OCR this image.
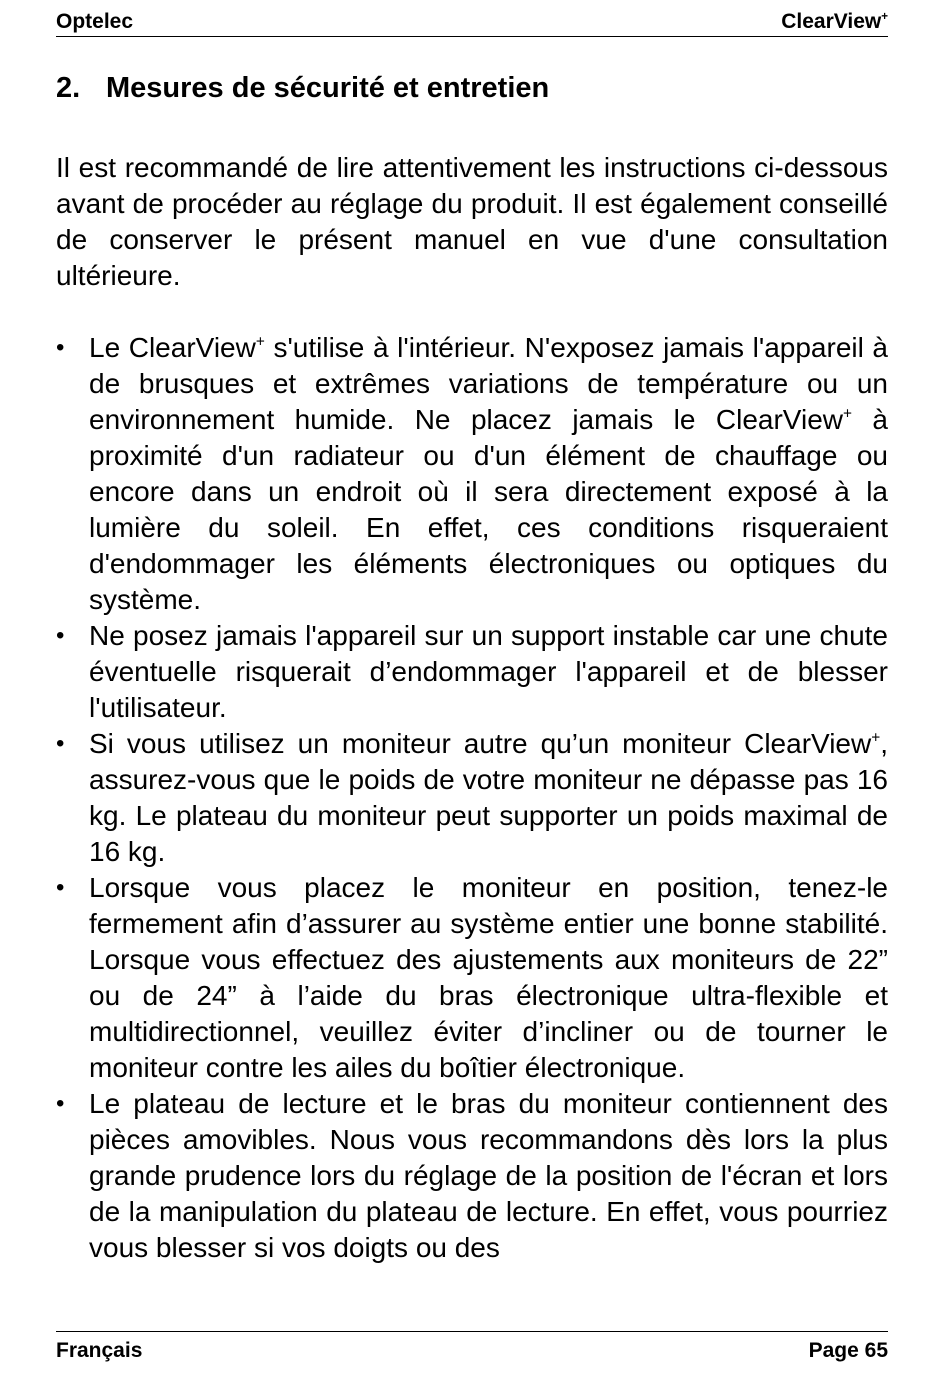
Optelec	ClearView+
2. Mesures de sécurité et entretien

Il est recommandé de lire attentivement les instructions ci-dessous avant de procéder au réglage du produit. Il est également conseillé de conserver le présent manuel en vue d'une consultation ultérieure.

• Le ClearView+ s'utilise à l'intérieur. N'exposez jamais l'appareil à de brusques et extrêmes variations de température ou un environnement humide. Ne placez jamais le ClearView+ à proximité d'un radiateur ou d'un élément de chauffage ou encore dans un endroit où il sera directement exposé à la lumière du soleil. En effet, ces conditions risqueraient d'endommager les éléments électroniques ou optiques du système.
• Ne posez jamais l'appareil sur un support instable car une chute éventuelle risquerait d’endommager l'appareil et de blesser l'utilisateur.
• Si vous utilisez un moniteur autre qu’un moniteur ClearView+, assurez-vous que le poids de votre moniteur ne dépasse pas 16 kg. Le plateau du moniteur peut supporter un poids maximal de 16 kg.
• Lorsque vous placez le moniteur en position, tenez-le fermement afin d’assurer au système entier une bonne stabilité. Lorsque vous effectuez des ajustements aux moniteurs de 22” ou de 24” à l’aide du bras électronique ultra-flexible et multidirectionnel, veuillez éviter d’incliner ou de tourner le moniteur contre les ailes du boîtier électronique.
• Le plateau de lecture et le bras du moniteur contiennent des pièces amovibles. Nous vous recommandons dès lors la plus grande prudence lors du réglage de la position de l'écran et lors de la manipulation du plateau de lecture. En effet, vous pourriez vous blesser si vos doigts ou des
Français	Page 65
